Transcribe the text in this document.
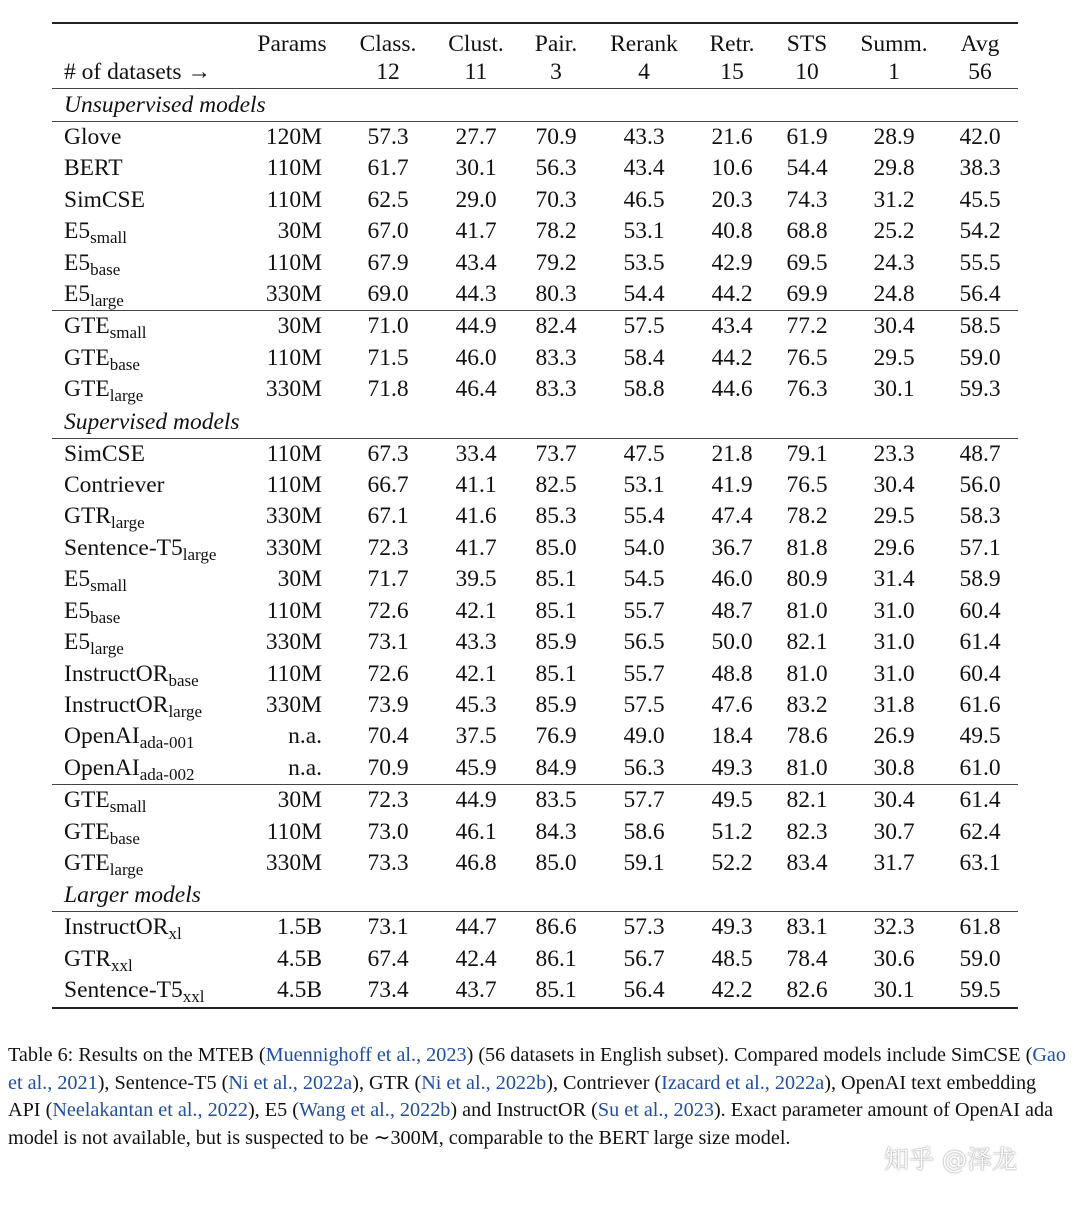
	Params	Class.	Clust.	Pair.	Rerank	Retr.	STS	Summ.	Avg
# of datasets →		12	11	3	4	15	10	1	56
Unsupervised models									
Glove	120M	57.3	27.7	70.9	43.3	21.6	61.9	28.9	42.0
BERT	110M	61.7	30.1	56.3	43.4	10.6	54.4	29.8	38.3
SimCSE	110M	62.5	29.0	70.3	46.5	20.3	74.3	31.2	45.5
$E5_{small}$	30M	67.0	41.7	78.2	53.1	40.8	68.8	25.2	54.2
$E5_{base}$	110M	67.9	43.4	79.2	53.5	42.9	69.5	24.3	55.5
$E5_{large}$	330M	69.0	44.3	80.3	54.4	44.2	69.9	24.8	56.4
$GTE_{small}$	30M	71.0	44.9	82.4	57.5	43.4	77.2	30.4	58.5
$GTE_{base}$	110M	71.5	46.0	83.3	58.4	44.2	76.5	29.5	59.0
$GTE_{large}$	330M	71.8	46.4	83.3	58.8	44.6	76.3	30.1	59.3
Supervised models									
SimCSE	110M	67.3	33.4	73.7	47.5	21.8	79.1	23.3	48.7
Contriever	110M	66.7	41.1	82.5	53.1	41.9	76.5	30.4	56.0
$GTR_{large}$	330M	67.1	41.6	85.3	55.4	47.4	78.2	29.5	58.3
Sentence-$T5_{large}$	330M	72.3	41.7	85.0	54.0	36.7	81.8	29.6	57.1
$E5_{small}$	30M	71.7	39.5	85.1	54.5	46.0	80.9	31.4	58.9
$E5_{base}$	110M	72.6	42.1	85.1	55.7	48.7	81.0	31.0	60.4
$E5_{large}$	330M	73.1	43.3	85.9	56.5	50.0	82.1	31.0	61.4
InstructOR$_{base}$	110M	72.6	42.1	85.1	55.7	48.8	81.0	31.0	60.4
InstructOR$_{large}$	330M	73.9	45.3	85.9	57.5	47.6	83.2	31.8	61.6
OpenAI$_{ada-001}$	n.a.	70.4	37.5	76.9	49.0	18.4	78.6	26.9	49.5
OpenAI$_{ada-002}$	n.a.	70.9	45.9	84.9	56.3	49.3	81.0	30.8	61.0
$GTE_{small}$	30M	72.3	44.9	83.5	57.7	49.5	82.1	30.4	61.4
$GTE_{base}$	110M	73.0	46.1	84.3	58.6	51.2	82.3	30.7	62.4
$GTE_{large}$	330M	73.3	46.8	85.0	59.1	52.2	83.4	31.7	63.1
Larger models									
InstructOR$_{xl}$	1.5B	73.1	44.7	86.6	57.3	49.3	83.1	32.3	61.8
$GTR_{xxl}$	4.5B	67.4	42.4	86.1	56.7	48.5	78.4	30.6	59.0
Sentence-$T5_{xxl}$	4.5B	73.4	43.7	85.1	56.4	42.2	82.6	30.1	59.5
Table 6: Results on the MTEB (Muennighoff et al., 2023) (56 datasets in English subset). Compared models include SimCSE (Gao et al., 2021), Sentence-T5 (Ni et al., 2022a), GTR (Ni et al., 2022b), Contriever (Izacard et al., 2022a), OpenAI text embedding API (Neelakantan et al., 2022), E5 (Wang et al., 2022b) and InstructOR (Su et al., 2023). Exact parameter amount of OpenAI ada model is not available, but is suspected to be ∼300M, comparable to the BERT large size model.
知乎 @泽龙
